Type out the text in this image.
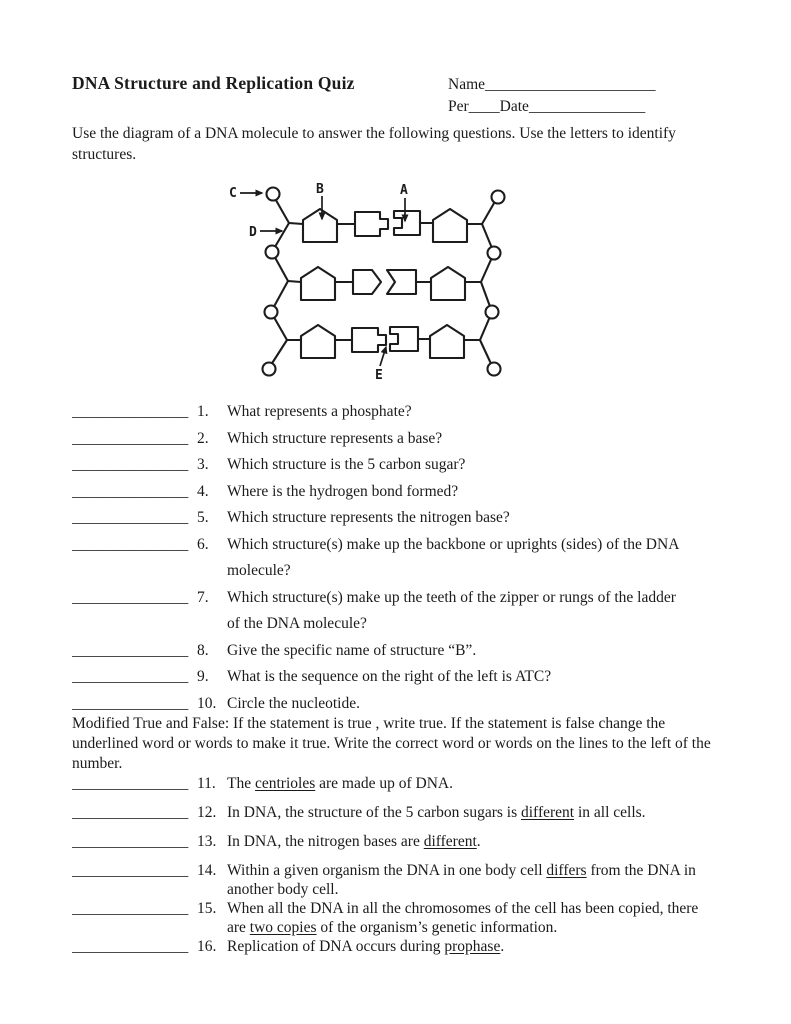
DNA Structure and Replication Quiz	Name______________________
Per____Date_______________
Use the diagram of a DNA molecule to answer the following questions. Use the letters to identify
structures.
C
D
B	A
E
_______________ 1.	What represents a phosphate?
_______________ 2.	Which structure represents a base?
_______________ 3.	Which structure is the 5 carbon sugar?
_______________ 4.	Where is the hydrogen bond formed?
_______________ 5.	Which structure represents the nitrogen base?
_______________ 6.	Which structure(s) make up the backbone or uprights (sides) of the DNA
molecule?
_______________ 7.	Which structure(s) make up the teeth of the zipper or rungs of the ladder
of the DNA molecule?
_______________ 8.	Give the specific name of structure “B”.
_______________ 9.	What is the sequence on the right of the left is ATC?
_______________ 10. Circle the nucleotide.
Modified True and False: If the statement is true , write true. If the statement is false change the
underlined word or words to make it true. Write the correct word or words on the lines to the left of the
number.
_______________ 11. The centrioles are made up of DNA.
_______________ 12. In DNA, the structure of the 5 carbon sugars is different in all cells.
_______________ 13. In DNA, the nitrogen bases are different.
_______________ 14. Within a given organism the DNA in one body cell differs from the DNA in
another body cell.
_______________ 15. When all the DNA in all the chromosomes of the cell has been copied, there
are two copies of the organism’s genetic information.
_______________ 16. Replication of DNA occurs during prophase.
